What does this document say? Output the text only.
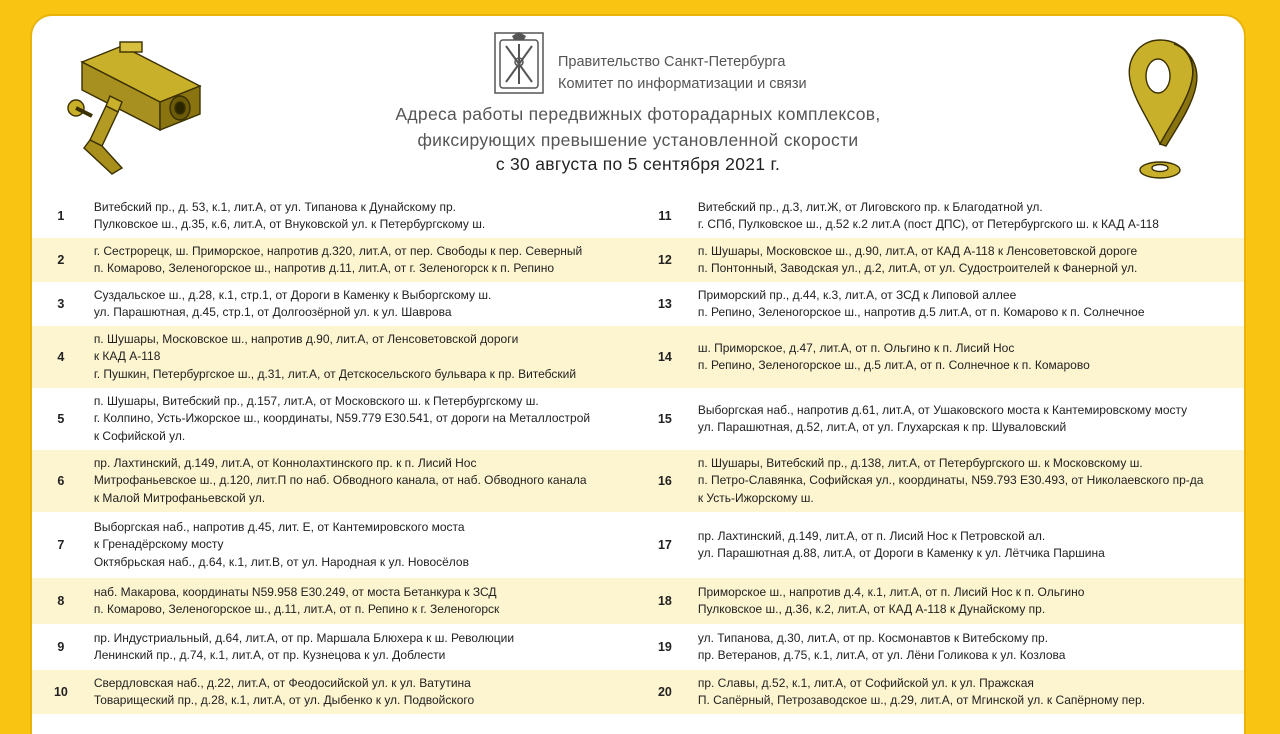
Правительство Санкт-Петербурга
Комитет по информатизации и связи
Адреса работы передвижных фоторадарных комплексов,
фиксирующих превышение установленной скорости
с 30 августа по 5 сентября 2021 г.
1
Витебский пр., д. 53, к.1, лит.А, от ул. Типанова к Дунайскому пр.
Пулковское ш., д.35, к.6, лит.А, от Внуковской ул. к Петербургскому ш.
11
Витебский пр., д.3, лит.Ж, от Лиговского пр. к Благодатной ул.
г. СПб, Пулковское ш., д.52 к.2 лит.А (пост ДПС), от Петербургского ш. к КАД А-118
2
г. Сестрорецк, ш. Приморское, напротив д.320, лит.А, от пер. Свободы к пер. Северный
п. Комарово, Зеленогорское ш., напротив д.11, лит.А, от г. Зеленогорск к п. Репино
12
п. Шушары, Московское ш., д.90, лит.А, от КАД А-118 к Ленсоветовской дороге
п. Понтонный, Заводская ул., д.2, лит.А, от ул. Судостроителей к Фанерной ул.
3
Суздальское ш., д.28, к.1, стр.1, от Дороги в Каменку к Выборгскому ш.
ул. Парашютная, д.45, стр.1, от Долгоозёрной ул. к ул. Шаврова
13
Приморский пр., д.44, к.3, лит.А, от ЗСД к Липовой аллее
п. Репино, Зеленогорское ш., напротив д.5 лит.А, от п. Комарово к п. Солнечное
4
п. Шушары, Московское ш., напротив д.90, лит.А, от Ленсоветовской дороги
к КАД А-118
г. Пушкин, Петербургское ш., д.31, лит.А, от Детскосельского бульвара к пр. Витебский
14
ш. Приморское, д.47, лит.А, от п. Ольгино к п. Лисий Нос
п. Репино, Зеленогорское ш., д.5 лит.А, от п. Солнечное к п. Комарово
5
п. Шушары, Витебский пр., д.157, лит.А, от Московского ш. к Петербургскому ш.
г. Колпино, Усть-Ижорское ш., координаты, N59.779 E30.541, от дороги на Металлострой
к Софийской ул.
15
Выборгская наб., напротив д.61, лит.А, от Ушаковского моста к Кантемировскому мосту
ул. Парашютная, д.52, лит.А, от ул. Глухарская к пр. Шуваловский
6
пр. Лахтинский, д.149, лит.А, от Коннолахтинского пр. к п. Лисий Нос
Митрофаньевское ш., д.120, лит.П по наб. Обводного канала, от наб. Обводного канала
к Малой Митрофаньевской ул.
16
п. Шушары, Витебский пр., д.138, лит.А, от Петербургского ш. к Московскому ш.
п. Петро-Славянка, Софийская ул., координаты, N59.793 E30.493, от Николаевского пр-да
к Усть-Ижорскому ш.
7
Выборгская наб., напротив д.45, лит. Е, от Кантемировского моста
к Гренадёрскому мосту
Октябрьская наб., д.64, к.1, лит.В, от ул. Народная к ул. Новосёлов
17
пр. Лахтинский, д.149, лит.А, от п. Лисий Нос к Петровской ал.
ул. Парашютная д.88, лит.А, от Дороги в Каменку к ул. Лётчика Паршина
8
наб. Макарова, координаты N59.958 E30.249, от моста Бетанкура к ЗСД
п. Комарово, Зеленогорское ш., д.11, лит.А, от п. Репино к г. Зеленогорск
18
Приморское ш., напротив д.4, к.1, лит.А, от п. Лисий Нос к п. Ольгино
Пулковское ш., д.36, к.2, лит.А, от КАД А-118 к Дунайскому пр.
9
пр. Индустриальный, д.64, лит.А, от пр. Маршала Блюхера к ш. Революции
Ленинский пр., д.74, к.1, лит.А, от пр. Кузнецова к ул. Доблести
19
ул. Типанова, д.30, лит.А, от пр. Космонавтов к Витебскому пр.
пр. Ветеранов, д.75, к.1, лит.А, от ул. Лёни Голикова к ул. Козлова
10
Свердловская наб., д.22, лит.А, от Феодосийской ул. к ул. Ватутина
Товарищеский пр., д.28, к.1, лит.А, от ул. Дыбенко к ул. Подвойского
20
пр. Славы, д.52, к.1, лит.А, от Софийской ул. к ул. Пражская
П. Сапёрный, Петрозаводское ш., д.29, лит.А, от Мгинской ул. к Сапёрному пер.
